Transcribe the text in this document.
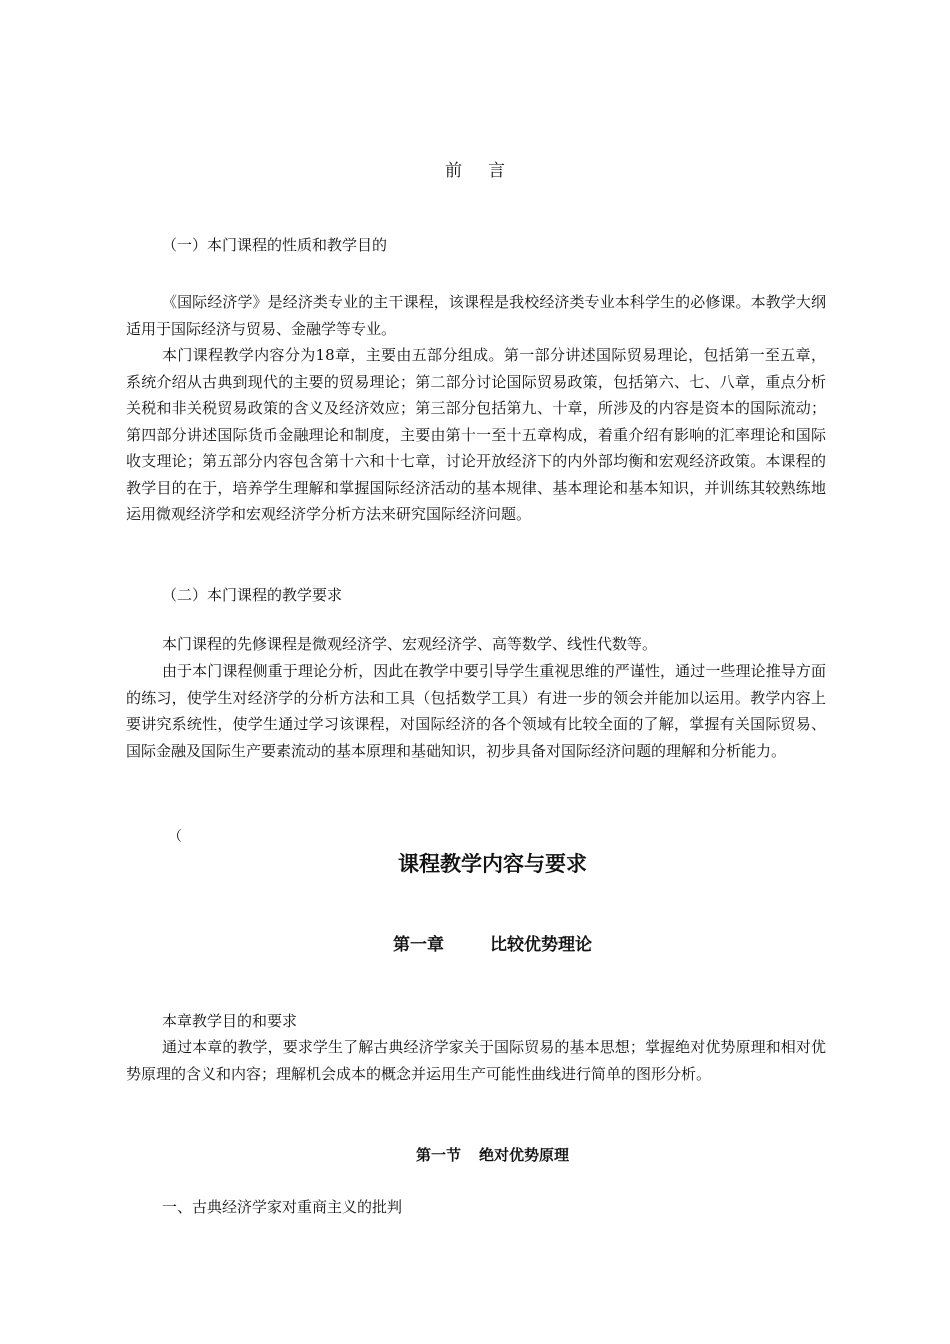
前 言
（一）本门课程的性质和教学目的

《国际经济学》是经济类专业的主干课程，该课程是我校经济类专业本科学生的必修课。本教学大纲适用于国际经济与贸易、金融学等专业。

本门课程教学内容分为18章，主要由五部分组成。第一部分讲述国际贸易理论，包括第一至五章，系统介绍从古典到现代的主要的贸易理论；第二部分讨论国际贸易政策，包括第六、七、八章，重点分析关税和非关税贸易政策的含义及经济效应；第三部分包括第九、十章，所涉及的内容是资本的国际流动；第四部分讲述国际货币金融理论和制度，主要由第十一至十五章构成，着重介绍有影响的汇率理论和国际收支理论；第五部分内容包含第十六和十七章，讨论开放经济下的内外部均衡和宏观经济政策。本课程的教学目的在于，培养学生理解和掌握国际经济活动的基本规律、基本理论和基本知识，并训练其较熟练地运用微观经济学和宏观经济学分析方法来研究国际经济问题。

（二）本门课程的教学要求

本门课程的先修课程是微观经济学、宏观经济学、高等数学、线性代数等。

由于本门课程侧重于理论分析，因此在教学中要引导学生重视思维的严谨性，通过一些理论推导方面的练习，使学生对经济学的分析方法和工具（包括数学工具）有进一步的领会并能加以运用。教学内容上要讲究系统性，使学生通过学习该课程，对国际经济的各个领域有比较全面的了解，掌握有关国际贸易、国际金融及国际生产要素流动的基本原理和基础知识，初步具备对国际经济问题的理解和分析能力。

（
课程教学内容与要求
第一章	比较优势理论
本章教学目的和要求

通过本章的教学，要求学生了解古典经济学家关于国际贸易的基本思想；掌握绝对优势原理和相对优势原理的含义和内容；理解机会成本的概念并运用生产可能性曲线进行简单的图形分析。

第一节 绝对优势原理
一、古典经济学家对重商主义的批判
